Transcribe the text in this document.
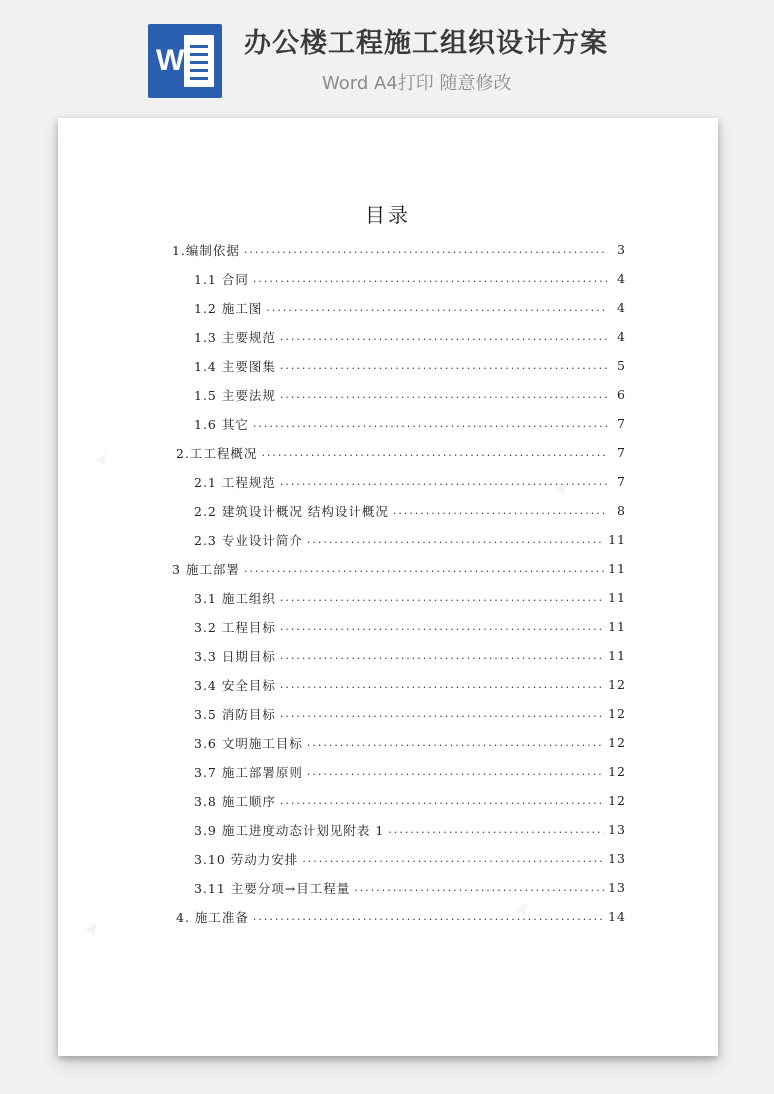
W
办公楼工程施工组织设计方案
Word A4打印 随意修改
目录
1.编制依据 .....	3
1.1 合同 .....	4
1.2 施工图 .....	4
1.3 主要规范 .....	4
1.4 主要图集 .....	5
1.5 主要法规 .....	6
1.6 其它 .....	7
2.工工程概况 .....	7
2.1 工程规范 .....	7
2.2 建筑设计概况 结构设计概况 .....	8
2.3 专业设计简介 .....	11
3 施工部署 .....	11
3.1 施工组织 .....	11
3.2 工程目标 .....	11
3.3 日期目标 .....	11
3.4 安全目标 .....	12
3.5 消防目标 .....	12
3.6 文明施工目标 .....	12
3.7 施工部署原则 .....	12
3.8 施工顺序 .....	12
3.9 施工进度动态计划见附表 1 .....	13
3.10 劳动力安排 .....	13
3.11 主要分项→目工程量 .....	13
4. 施工准备 .....	14
